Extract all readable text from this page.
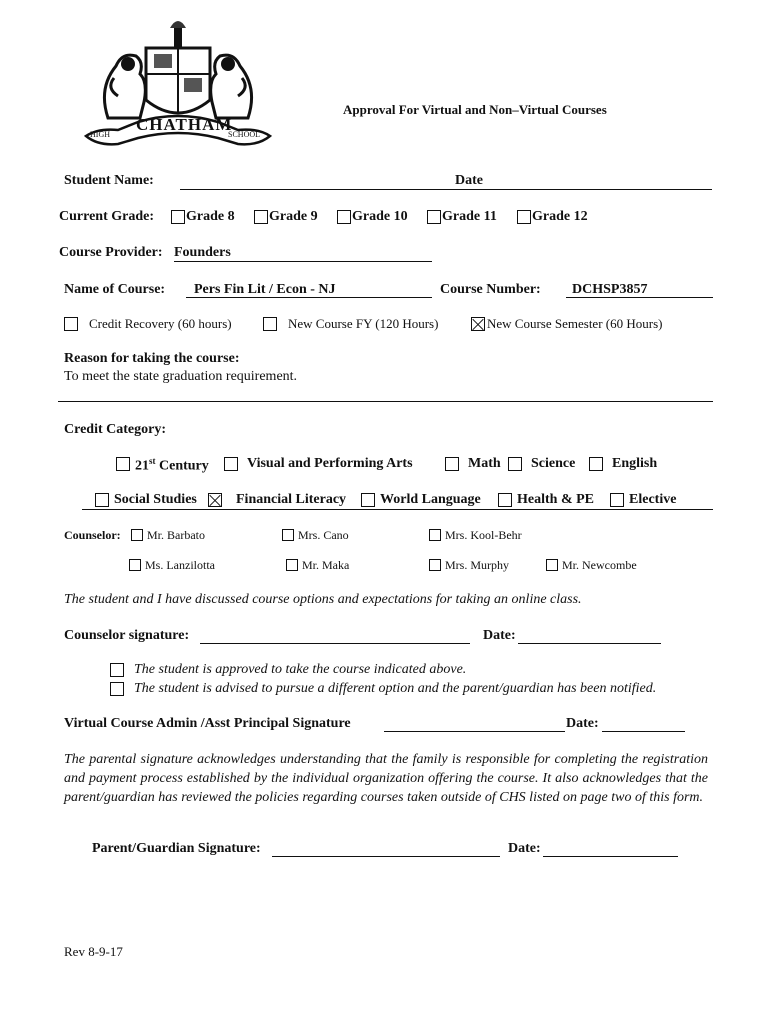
CHATHAM
HIGH	SCHOOL
Approval For Virtual and Non–Virtual Courses
Student Name:	Date
Current Grade: Grade 8 Grade 9 Grade 10 Grade 11	Grade 12
Course Provider: Founders
Name of Course: Pers Fin Lit / Econ - NJ	Course Number: DCHSP3857
Credit Recovery (60 hours)	New Course FY (120 Hours)	New Course Semester (60 Hours)
Reason for taking the course:
To meet the state graduation requirement.
Credit Category:
21st Century	Visual and Performing Arts	Math Science	English
Social Studies	Financial Literacy World Language	Health & PE	Elective
Counselor: Mr. Barbato	Mrs. Cano	Mrs. Kool-Behr
Ms. Lanzilotta	Mr. Maka	Mrs. Murphy	Mr. Newcombe
The student and I have discussed course options and expectations for taking an online class.
Counselor signature:	Date:
The student is approved to take the course indicated above.
The student is advised to pursue a different option and the parent/guardian has been notified.
Virtual Course Admin /Asst Principal Signature	Date:
The parental signature acknowledges understanding that the family is responsible for completing the registration and payment process established by the individual organization offering the course. It also acknowledges that the parent/guardian has reviewed the policies regarding courses taken outside of CHS listed on page two of this form.
Parent/Guardian Signature:	Date:
Rev 8-9-17
